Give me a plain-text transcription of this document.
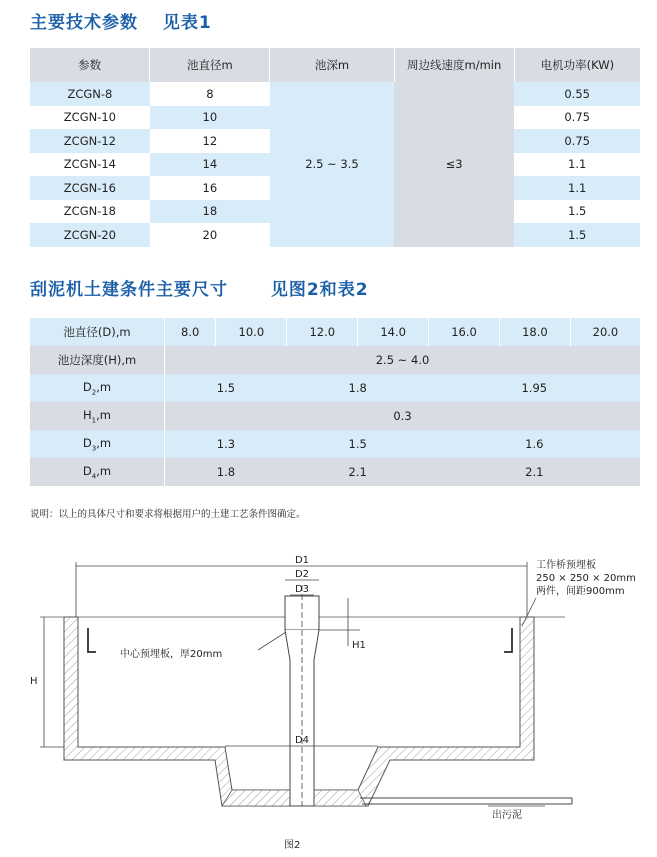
主要技术参数 见表1
参数	池直径m	池深m	周边线速度m/min	电机功率(KW)
ZCGN-8	8	2.5 ~ 3.5	≤3	0.55
ZCGN-10	10			0.75
ZCGN-12	12			0.75
ZCGN-14	14			1.1
ZCGN-16	16			1.1
ZCGN-18	18			1.5
ZCGN-20	20			1.5
刮泥机土建条件主要尺寸	见图2和表2
池直径(D),m	8.0	10.0	12.0	14.0	16.0	18.0	20.0
池边深度(H),m	2.5 ~ 4.0						
$D_2,m$	1.5		1.8		1.95		
$H_1,m$	0.3						
$D_3,m$	1.3		1.5		1.6		
$D_4,m$	1.8		2.1		2.1		
说明：以上的具体尺寸和要求将根据用户的土建工艺条件图确定。
D1
D2
D3
D4
H
H1
中心预埋板，厚20mm
工作桥预埋板
250 × 250 × 20mm
两件，间距900mm
出污泥
图2
